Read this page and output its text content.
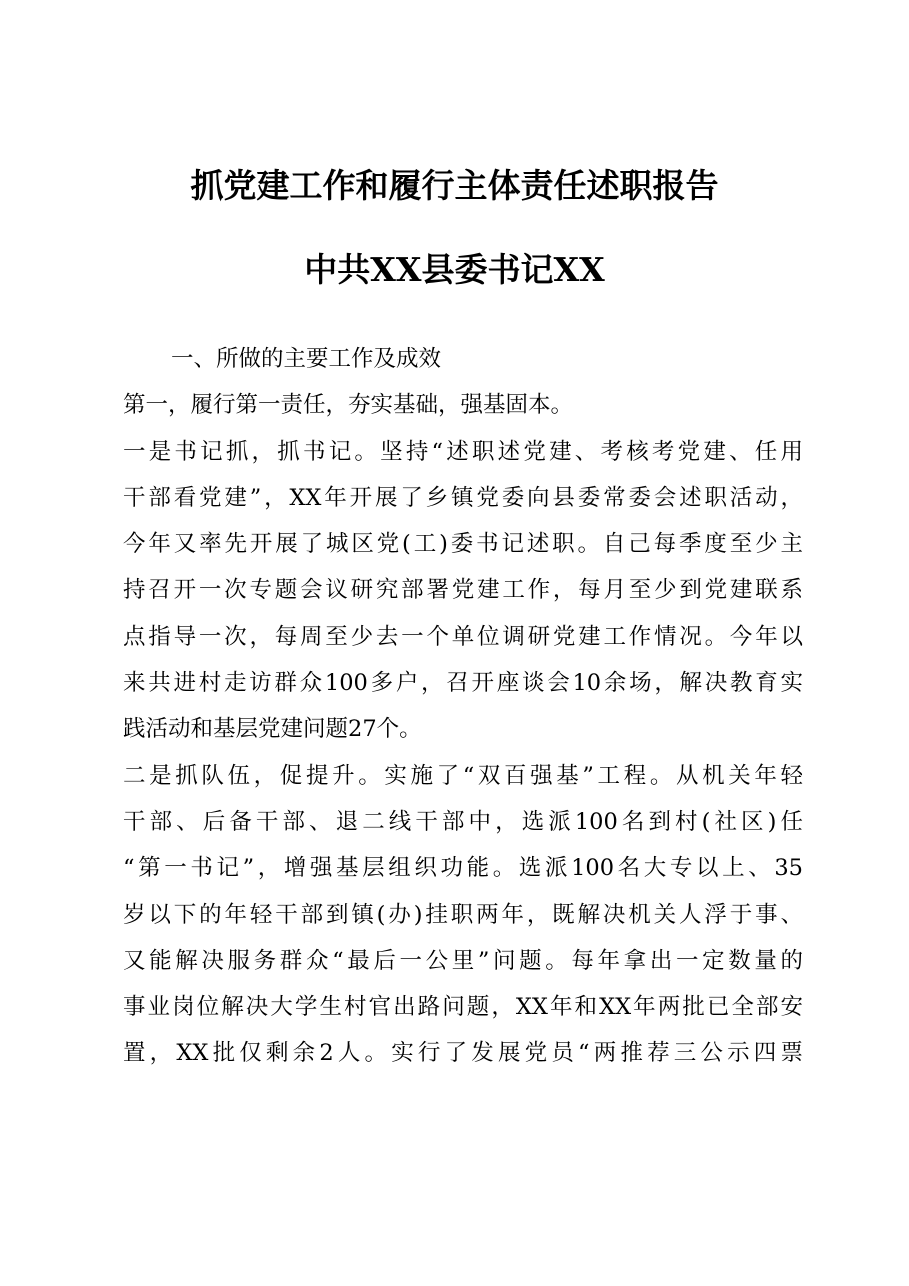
抓党建工作和履行主体责任述职报告
中共XX县委书记XX
一、所做的主要工作及成效
第一，履行第一责任，夯实基础，强基固本。
一是书记抓，抓书记。坚持“述职述党建、考核考党建、任用
干部看党建”，XX年开展了乡镇党委向县委常委会述职活动，
今年又率先开展了城区党(工)委书记述职。自己每季度至少主
持召开一次专题会议研究部署党建工作，每月至少到党建联系
点指导一次，每周至少去一个单位调研党建工作情况。今年以
来共进村走访群众100多户，召开座谈会10余场，解决教育实
践活动和基层党建问题27个。
二是抓队伍，促提升。实施了“双百强基”工程。从机关年轻
干部、后备干部、退二线干部中，选派100名到村(社区)任
“第一书记”，增强基层组织功能。选派100名大专以上、35
岁以下的年轻干部到镇(办)挂职两年，既解决机关人浮于事、
又能解决服务群众“最后一公里”问题。每年拿出一定数量的
事业岗位解决大学生村官出路问题，XX年和XX年两批已全部安
置，XX批仅剩余2人。实行了发展党员“两推荐三公示四票
